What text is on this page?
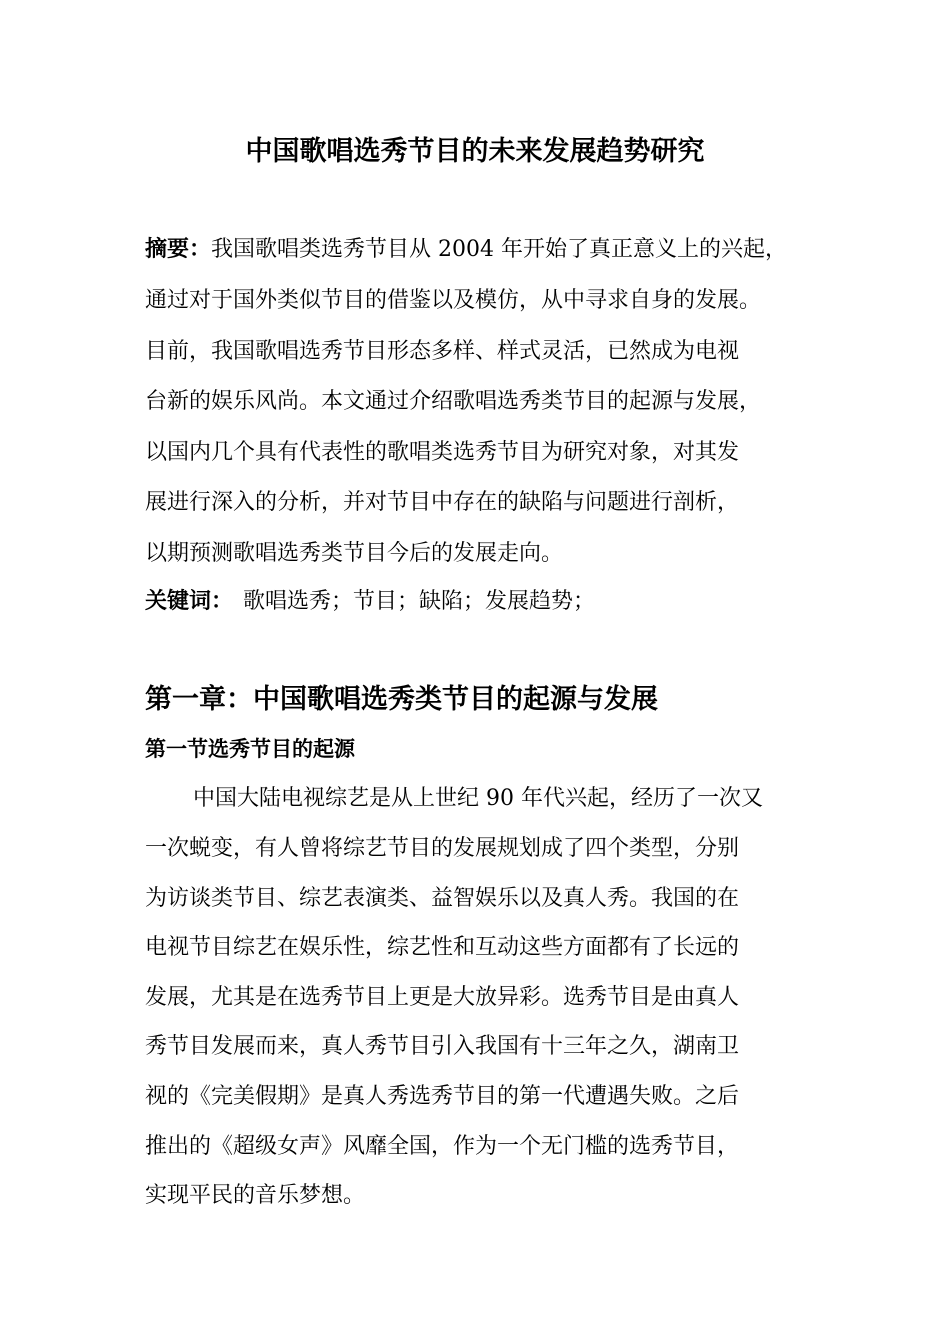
中国歌唱选秀节目的未来发展趋势研究
摘要：我国歌唱类选秀节目从 2004 年开始了真正意义上的兴起，
通过对于国外类似节目的借鉴以及模仿，从中寻求自身的发展。
目前，我国歌唱选秀节目形态多样、样式灵活，已然成为电视
台新的娱乐风尚。本文通过介绍歌唱选秀类节目的起源与发展，
以国内几个具有代表性的歌唱类选秀节目为研究对象，对其发
展进行深入的分析，并对节目中存在的缺陷与问题进行剖析，
以期预测歌唱选秀类节目今后的发展走向。
关键词： 歌唱选秀；节目；缺陷；发展趋势；
第一章：中国歌唱选秀类节目的起源与发展
第一节选秀节目的起源
中国大陆电视综艺是从上世纪 90 年代兴起，经历了一次又
一次蜕变，有人曾将综艺节目的发展规划成了四个类型，分别
为访谈类节目、综艺表演类、益智娱乐以及真人秀。我国的在
电视节目综艺在娱乐性，综艺性和互动这些方面都有了长远的
发展，尤其是在选秀节目上更是大放异彩。选秀节目是由真人
秀节目发展而来，真人秀节目引入我国有十三年之久，湖南卫
视的《完美假期》是真人秀选秀节目的第一代遭遇失败。之后
推出的《超级女声》风靡全国，作为一个无门槛的选秀节目，
实现平民的音乐梦想。
